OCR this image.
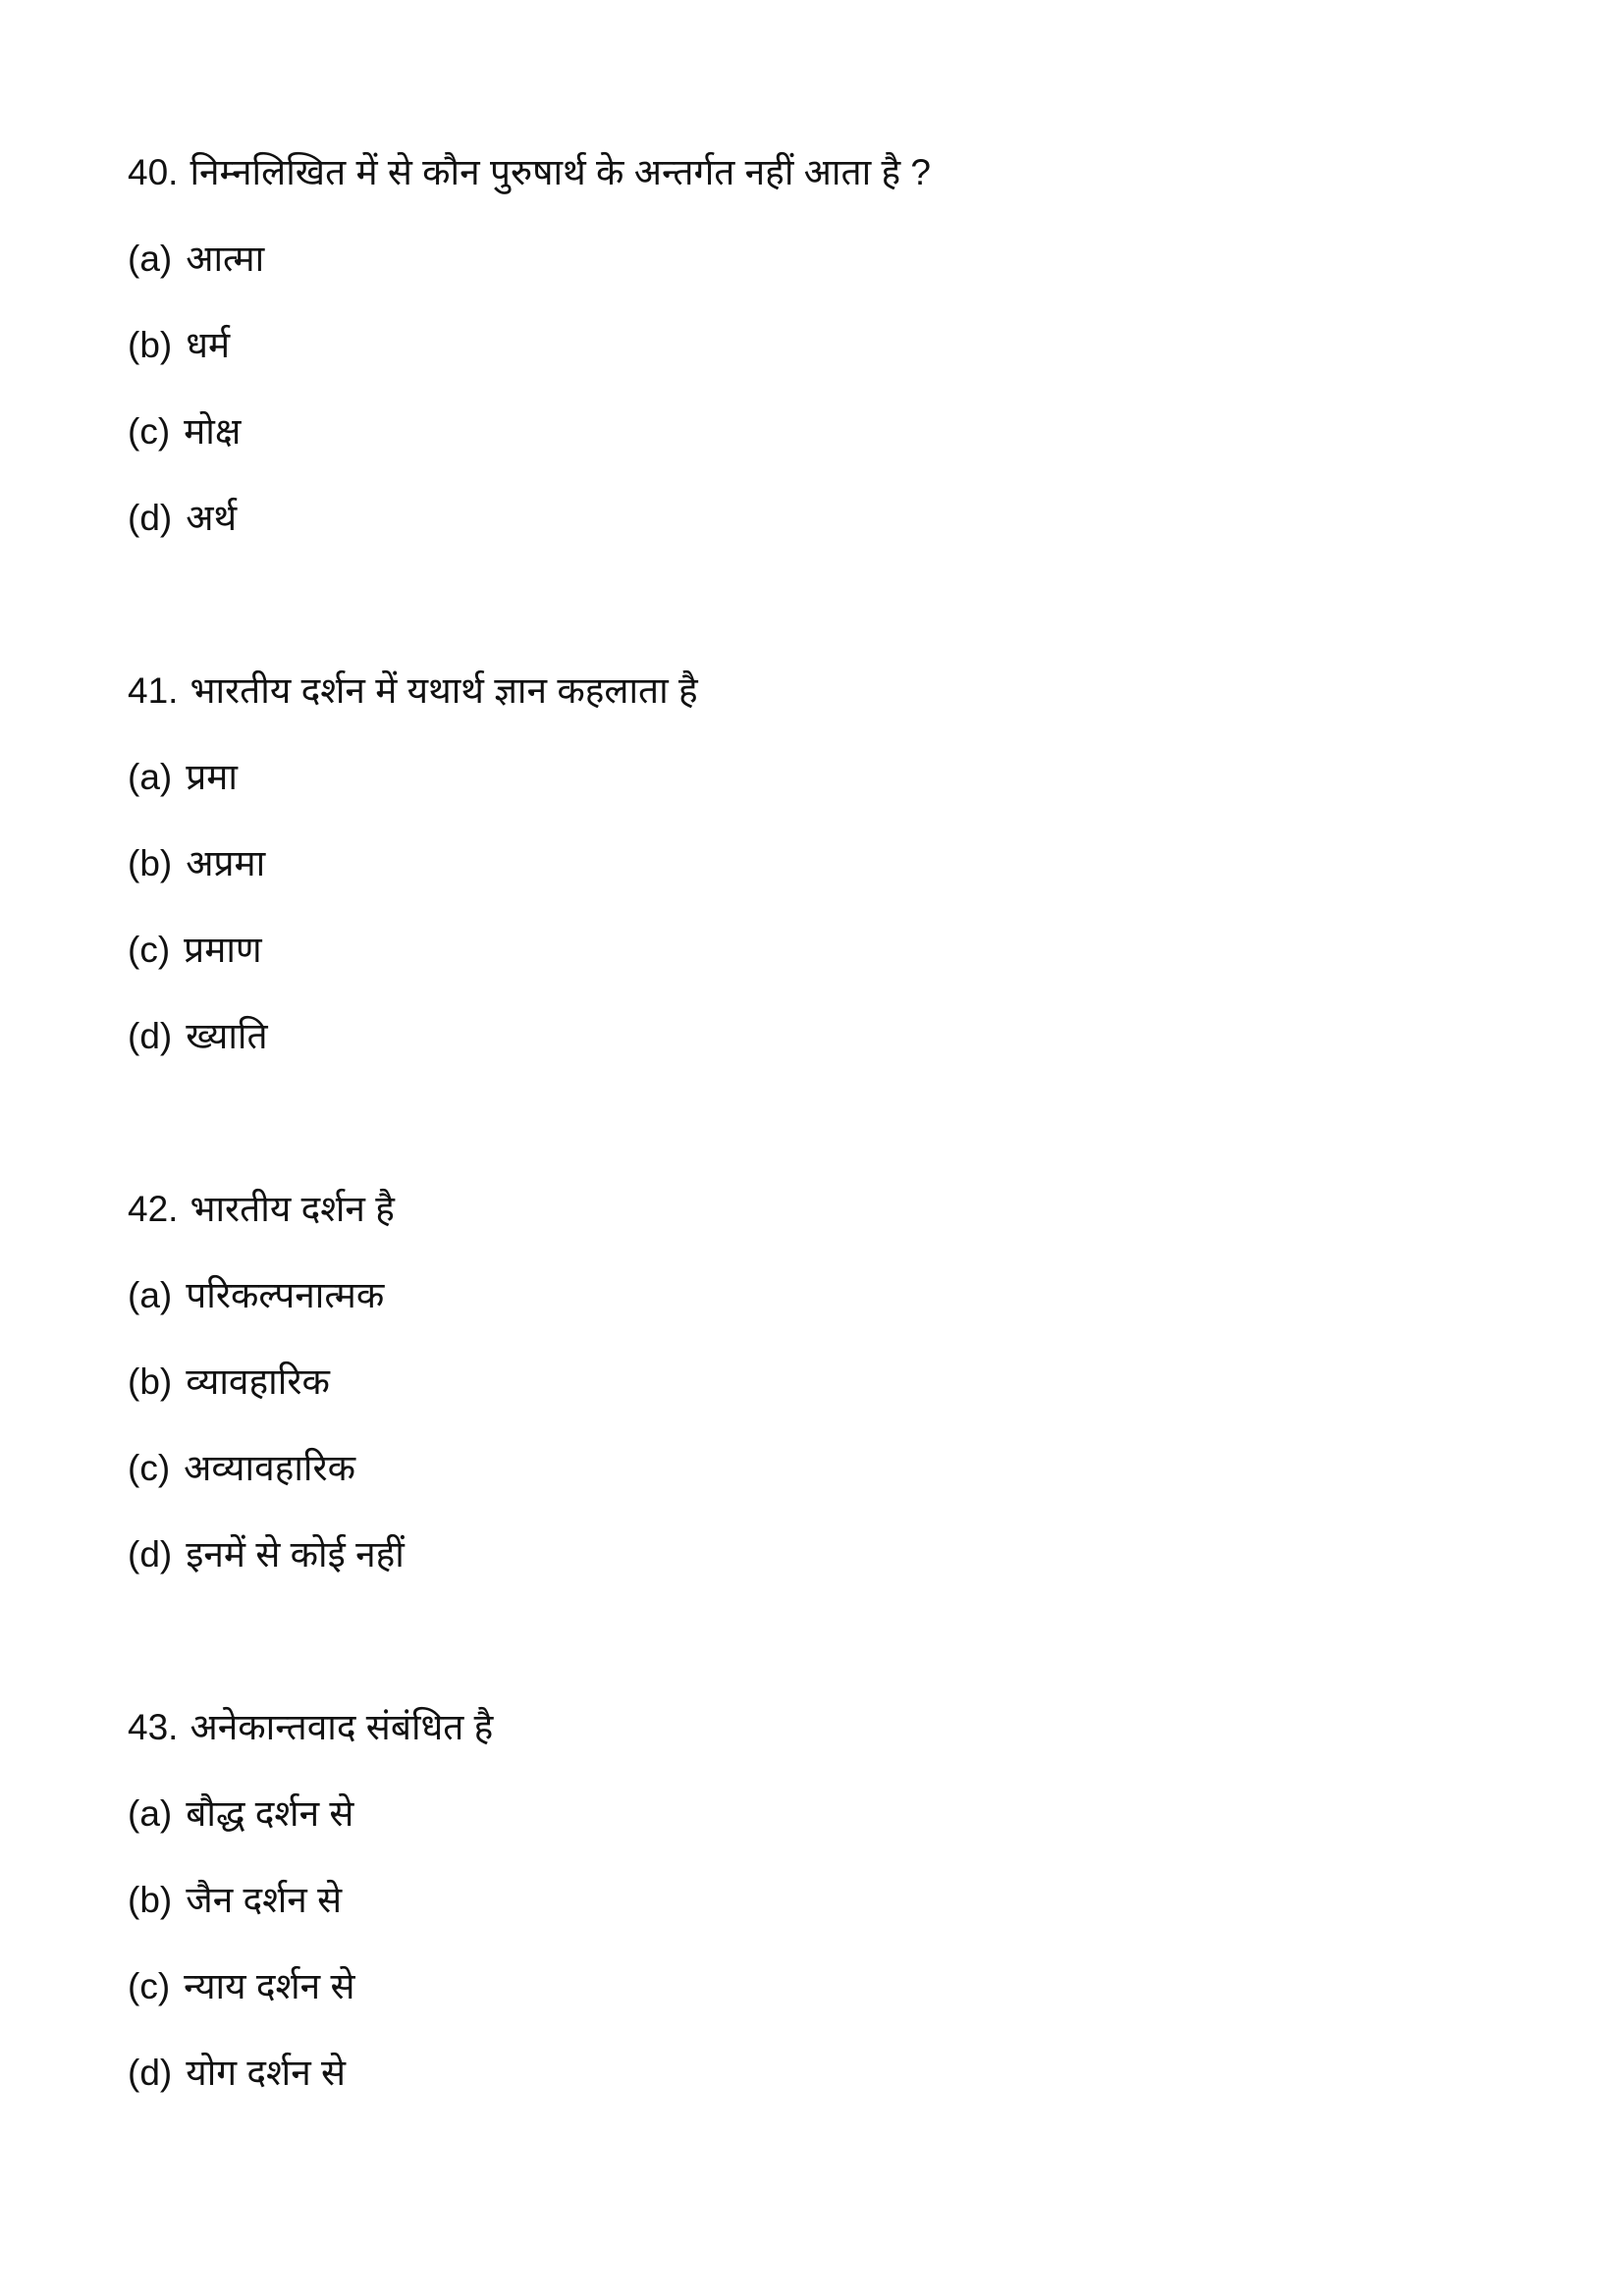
40. निम्नलिखित में से कौन पुरुषार्थ के अन्तर्गत नहीं आता है ?
(a) आत्मा
(b) धर्म
(c) मोक्ष
(d) अर्थ
41. भारतीय दर्शन में यथार्थ ज्ञान कहलाता है
(a) प्रमा
(b) अप्रमा
(c) प्रमाण
(d) ख्याति
42. भारतीय दर्शन है
(a) परिकल्पनात्मक
(b) व्यावहारिक
(c) अव्यावहारिक
(d) इनमें से कोई नहीं
43. अनेकान्तवाद संबंधित है
(a) बौद्ध दर्शन से
(b) जैन दर्शन से
(c) न्याय दर्शन से
(d) योग दर्शन से
